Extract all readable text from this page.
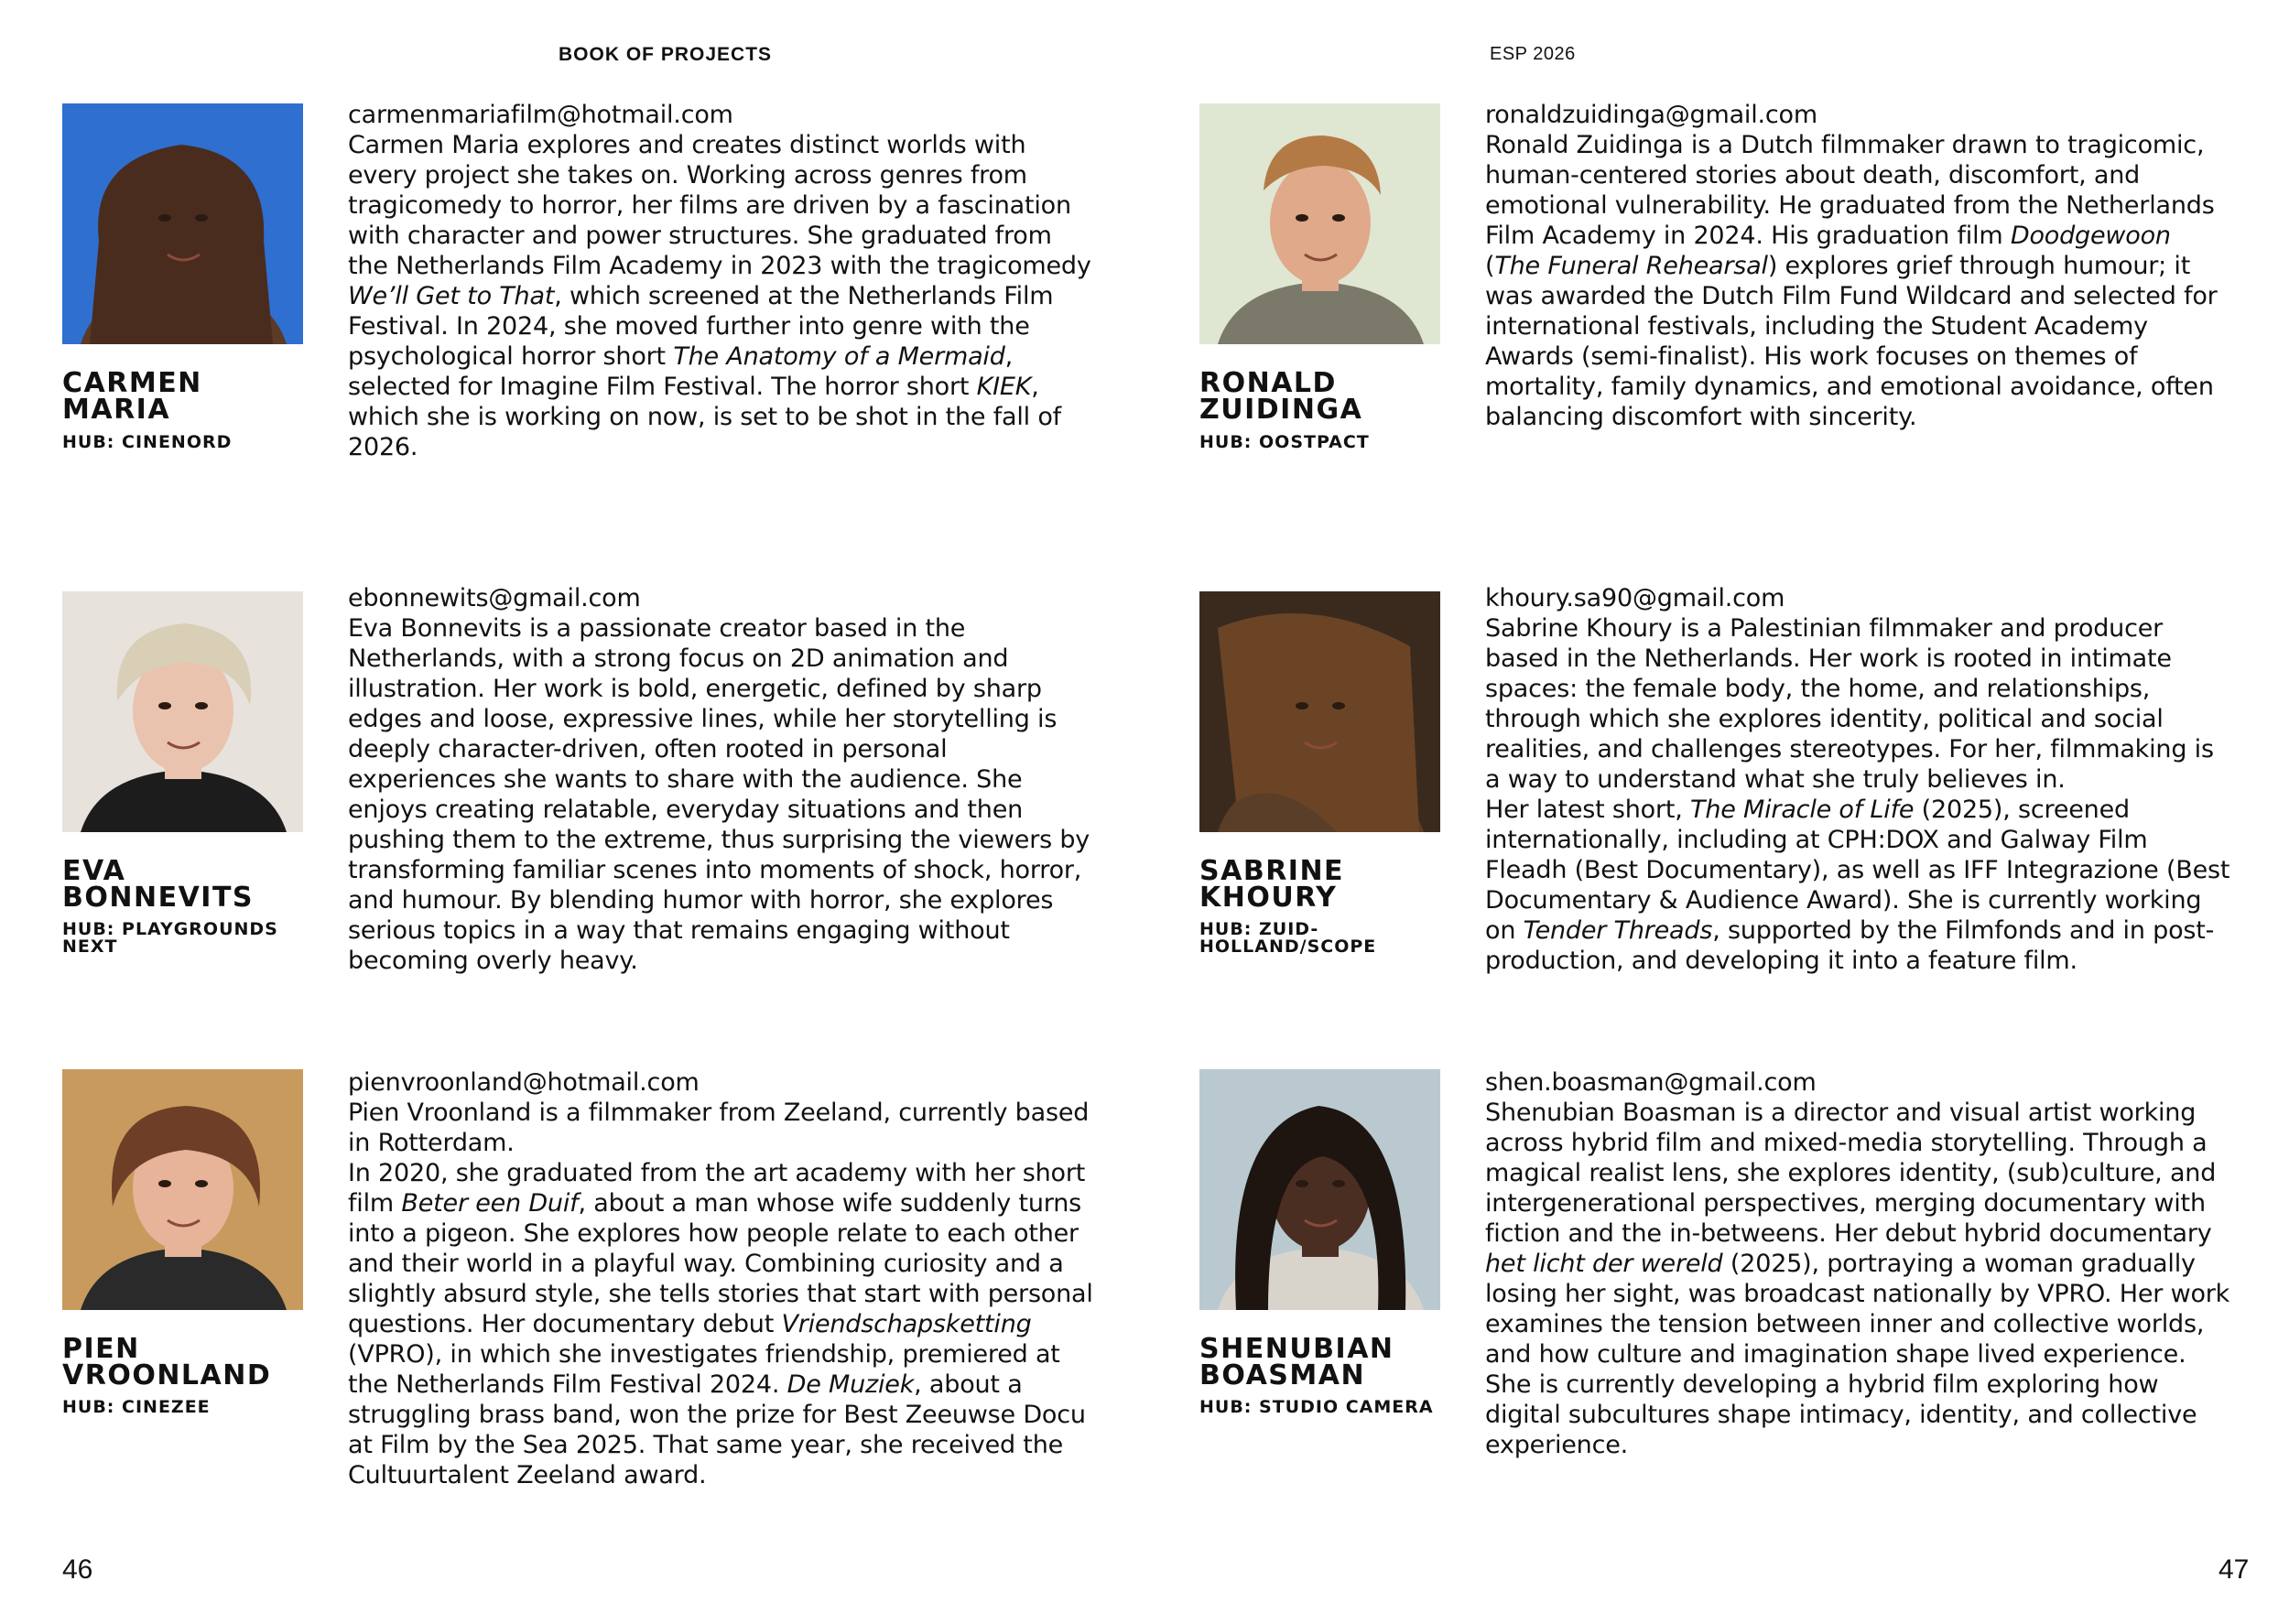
BOOK OF PROJECTS	ESP 2026
CARMEN
MARIA
HUB: CINENORD

carmenmariafilm@hotmail.com

Carmen Maria explores and creates distinct worlds with every project she takes on. Working across genres from tragicomedy to horror, her films are driven by a fascination with character and power structures. She graduated from the Netherlands Film Academy in 2023 with the tragicomedy We’ll Get to That, which screened at the Netherlands Film Festival. In 2024, she moved further into genre with the psychological horror short The Anatomy of a Mermaid, selected for Imagine Film Festival. The horror short KIEK, which she is working on now, is set to be shot in the fall of 2026.

RONALD
ZUIDINGA
HUB: OOSTPACT

ronaldzuidinga@gmail.com

Ronald Zuidinga is a Dutch filmmaker drawn to tragicomic, human-centered stories about death, discomfort, and emotional vulnerability. He graduated from the Netherlands Film Academy in 2024. His graduation film Doodgewoon (The Funeral Rehearsal) explores grief through humour; it was awarded the Dutch Film Fund Wildcard and selected for international festivals, including the Student Academy Awards (semi-finalist). His work focuses on themes of mortality, family dynamics, and emotional avoidance, often balancing discomfort with sincerity.

EVA
BONNEVITS
HUB: PLAYGROUNDS NEXT

ebonnewits@gmail.com

Eva Bonnevits is a passionate creator based in the Netherlands, with a strong focus on 2D animation and illustration. Her work is bold, energetic, defined by sharp edges and loose, expressive lines, while her storytelling is deeply character-driven, often rooted in personal experiences she wants to share with the audience. She enjoys creating relatable, everyday situations and then pushing them to the extreme, thus surprising the viewers by transforming familiar scenes into moments of shock, horror, and humour. By blending humor with horror, she explores serious topics in a way that remains engaging without becoming overly heavy.

SABRINE
KHOURY
HUB: ZUID-HOLLAND/SCOPE

khoury.sa90@gmail.com

Sabrine Khoury is a Palestinian filmmaker and producer based in the Netherlands. Her work is rooted in intimate spaces: the female body, the home, and relationships, through which she explores identity, political and social realities, and challenges stereotypes. For her, filmmaking is a way to understand what she truly believes in.

Her latest short, The Miracle of Life (2025), screened internationally, including at CPH:DOX and Galway Film Fleadh (Best Documentary), as well as IFF Integrazione (Best Documentary & Audience Award). She is currently working on Tender Threads, supported by the Filmfonds and in post-production, and developing it into a feature film.

PIEN
VROONLAND
HUB: CINEZEE

pienvroonland@hotmail.com

Pien Vroonland is a filmmaker from Zeeland, currently based in Rotterdam.

In 2020, she graduated from the art academy with her short film Beter een Duif, about a man whose wife suddenly turns into a pigeon. She explores how people relate to each other and their world in a playful way. Combining curiosity and a slightly absurd style, she tells stories that start with personal questions. Her documentary debut Vriendschapsketting (VPRO), in which she investigates friendship, premiered at the Netherlands Film Festival 2024. De Muziek, about a struggling brass band, won the prize for Best Zeeuwse Docu at Film by the Sea 2025. That same year, she received the Cultuurtalent Zeeland award.

SHENUBIAN
BOASMAN
HUB: STUDIO CAMERA

shen.boasman@gmail.com

Shenubian Boasman is a director and visual artist working across hybrid film and mixed-media storytelling. Through a magical realist lens, she explores identity, (sub)culture, and intergenerational perspectives, merging documentary with fiction and the in-betweens. Her debut hybrid documentary het licht der wereld (2025), portraying a woman gradually losing her sight, was broadcast nationally by VPRO. Her work examines the tension between inner and collective worlds, and how culture and imagination shape lived experience. She is currently developing a hybrid film exploring how digital subcultures shape intimacy, identity, and collective experience.

46	47
